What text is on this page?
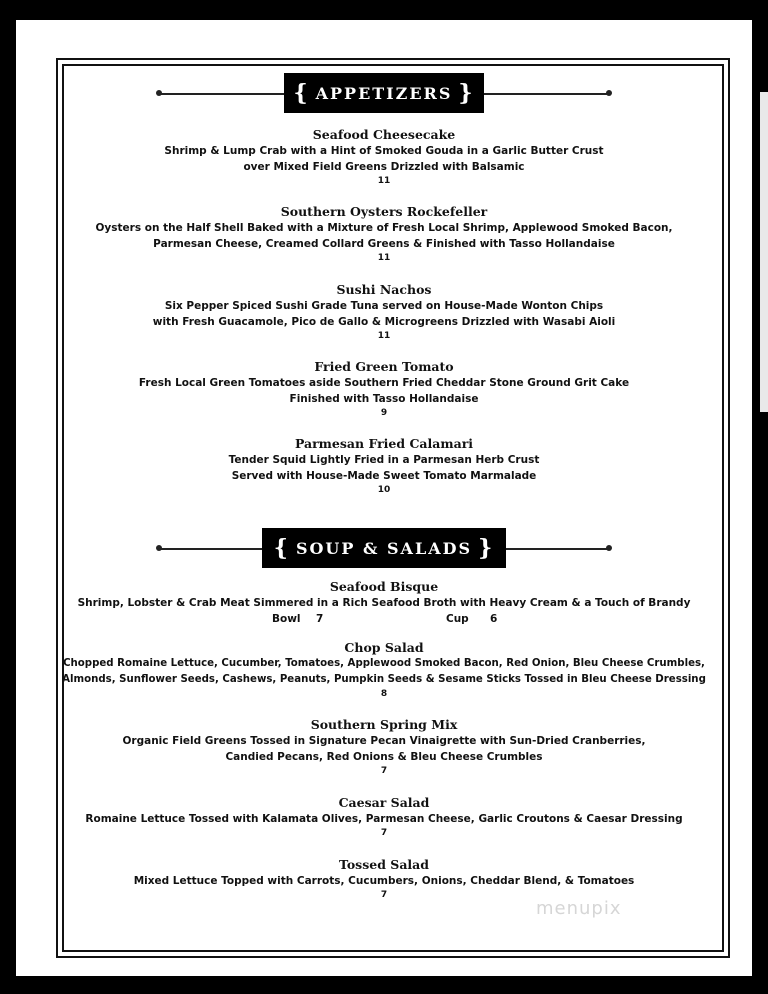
{ APPETIZERS }
Seafood Cheesecake
Shrimp & Lump Crab with a Hint of Smoked Gouda in a Garlic Butter Crust
over Mixed Field Greens Drizzled with Balsamic
11
Southern Oysters Rockefeller
Oysters on the Half Shell Baked with a Mixture of Fresh Local Shrimp, Applewood Smoked Bacon,
Parmesan Cheese, Creamed Collard Greens & Finished with Tasso Hollandaise
11
Sushi Nachos
Six Pepper Spiced Sushi Grade Tuna served on House-Made Wonton Chips
with Fresh Guacamole, Pico de Gallo & Microgreens Drizzled with Wasabi Aioli
11
Fried Green Tomato
Fresh Local Green Tomatoes aside Southern Fried Cheddar Stone Ground Grit Cake
Finished with Tasso Hollandaise
9
Parmesan Fried Calamari
Tender Squid Lightly Fried in a Parmesan Herb Crust
Served with House-Made Sweet Tomato Marmalade
10
{ SOUP & SALADS }
Seafood Bisque
Shrimp, Lobster & Crab Meat Simmered in a Rich Seafood Broth with Heavy Cream & a Touch of Brandy
Bowl 7	Cup 6
Chop Salad
Chopped Romaine Lettuce, Cucumber, Tomatoes, Applewood Smoked Bacon, Red Onion, Bleu Cheese Crumbles,
Almonds, Sunflower Seeds, Cashews, Peanuts, Pumpkin Seeds & Sesame Sticks Tossed in Bleu Cheese Dressing
8
Southern Spring Mix
Organic Field Greens Tossed in Signature Pecan Vinaigrette with Sun-Dried Cranberries,
Candied Pecans, Red Onions & Bleu Cheese Crumbles
7
Caesar Salad
Romaine Lettuce Tossed with Kalamata Olives, Parmesan Cheese, Garlic Croutons & Caesar Dressing
7
Tossed Salad
Mixed Lettuce Topped with Carrots, Cucumbers, Onions, Cheddar Blend, & Tomatoes
7
menupix
